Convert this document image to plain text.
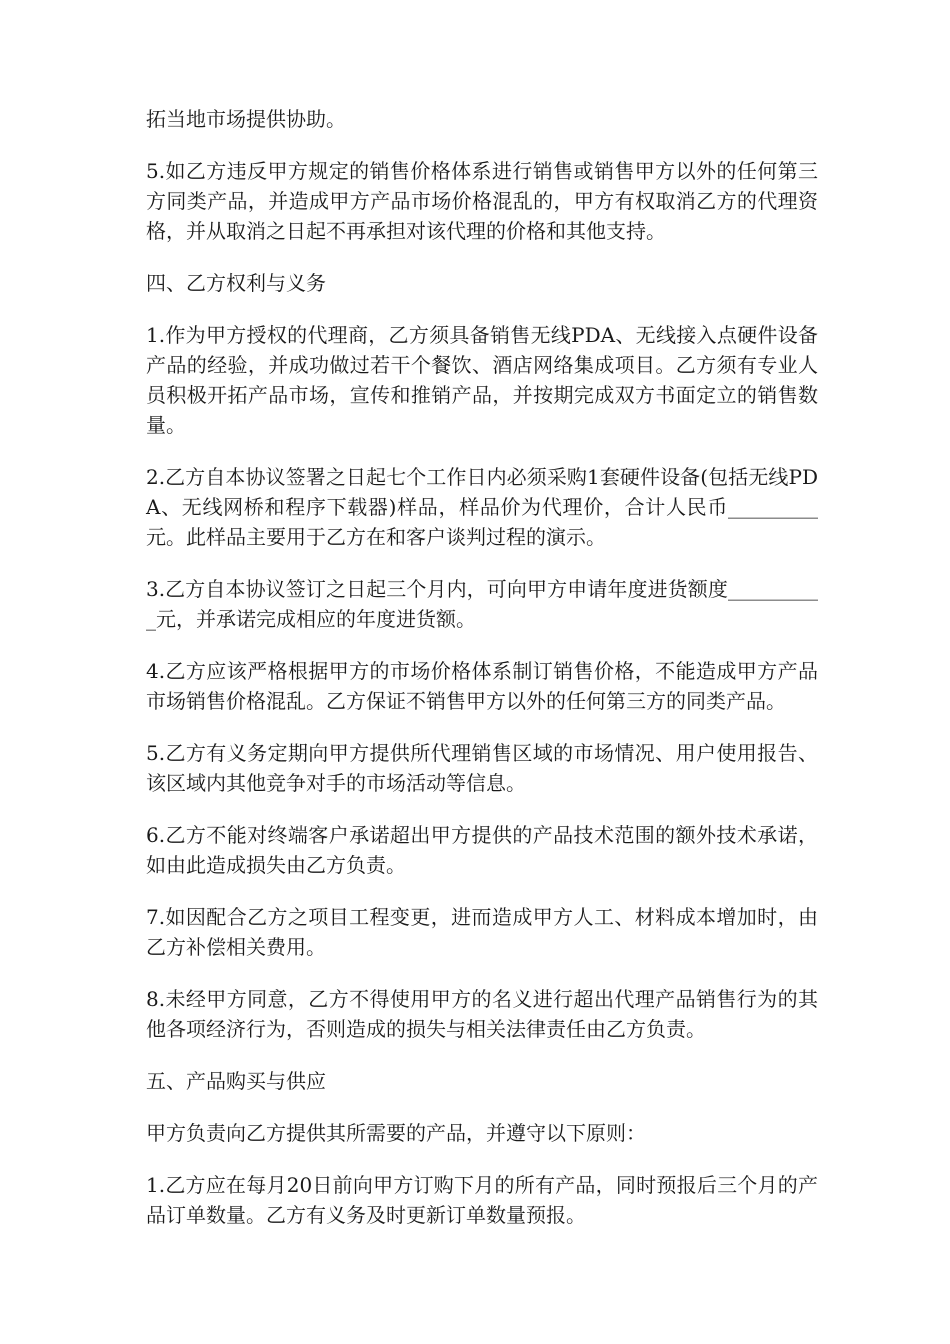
拓当地市场提供协助。

5.如乙方违反甲方规定的销售价格体系进行销售或销售甲方以外的任何第三方同类产品，并造成甲方产品市场价格混乱的，甲方有权取消乙方的代理资格，并从取消之日起不再承担对该代理的价格和其他支持。

四、乙方权利与义务

1.作为甲方授权的代理商，乙方须具备销售无线PDA、无线接入点硬件设备产品的经验，并成功做过若干个餐饮、酒店网络集成项目。乙方须有专业人员积极开拓产品市场，宣传和推销产品，并按期完成双方书面定立的销售数量。

2.乙方自本协议签署之日起七个工作日内必须采购1套硬件设备(包括无线PDA、无线网桥和程序下载器)样品，样品价为代理价，合计人民币_________元。此样品主要用于乙方在和客户谈判过程的演示。

3.乙方自本协议签订之日起三个月内，可向甲方申请年度进货额度__________元，并承诺完成相应的年度进货额。

4.乙方应该严格根据甲方的市场价格体系制订销售价格，不能造成甲方产品市场销售价格混乱。乙方保证不销售甲方以外的任何第三方的同类产品。

5.乙方有义务定期向甲方提供所代理销售区域的市场情况、用户使用报告、该区域内其他竞争对手的市场活动等信息。

6.乙方不能对终端客户承诺超出甲方提供的产品技术范围的额外技术承诺，如由此造成损失由乙方负责。

7.如因配合乙方之项目工程变更，进而造成甲方人工、材料成本增加时，由乙方补偿相关费用。

8.未经甲方同意，乙方不得使用甲方的名义进行超出代理产品销售行为的其他各项经济行为，否则造成的损失与相关法律责任由乙方负责。

五、产品购买与供应

甲方负责向乙方提供其所需要的产品，并遵守以下原则：

1.乙方应在每月20日前向甲方订购下月的所有产品，同时预报后三个月的产品订单数量。乙方有义务及时更新订单数量预报。
